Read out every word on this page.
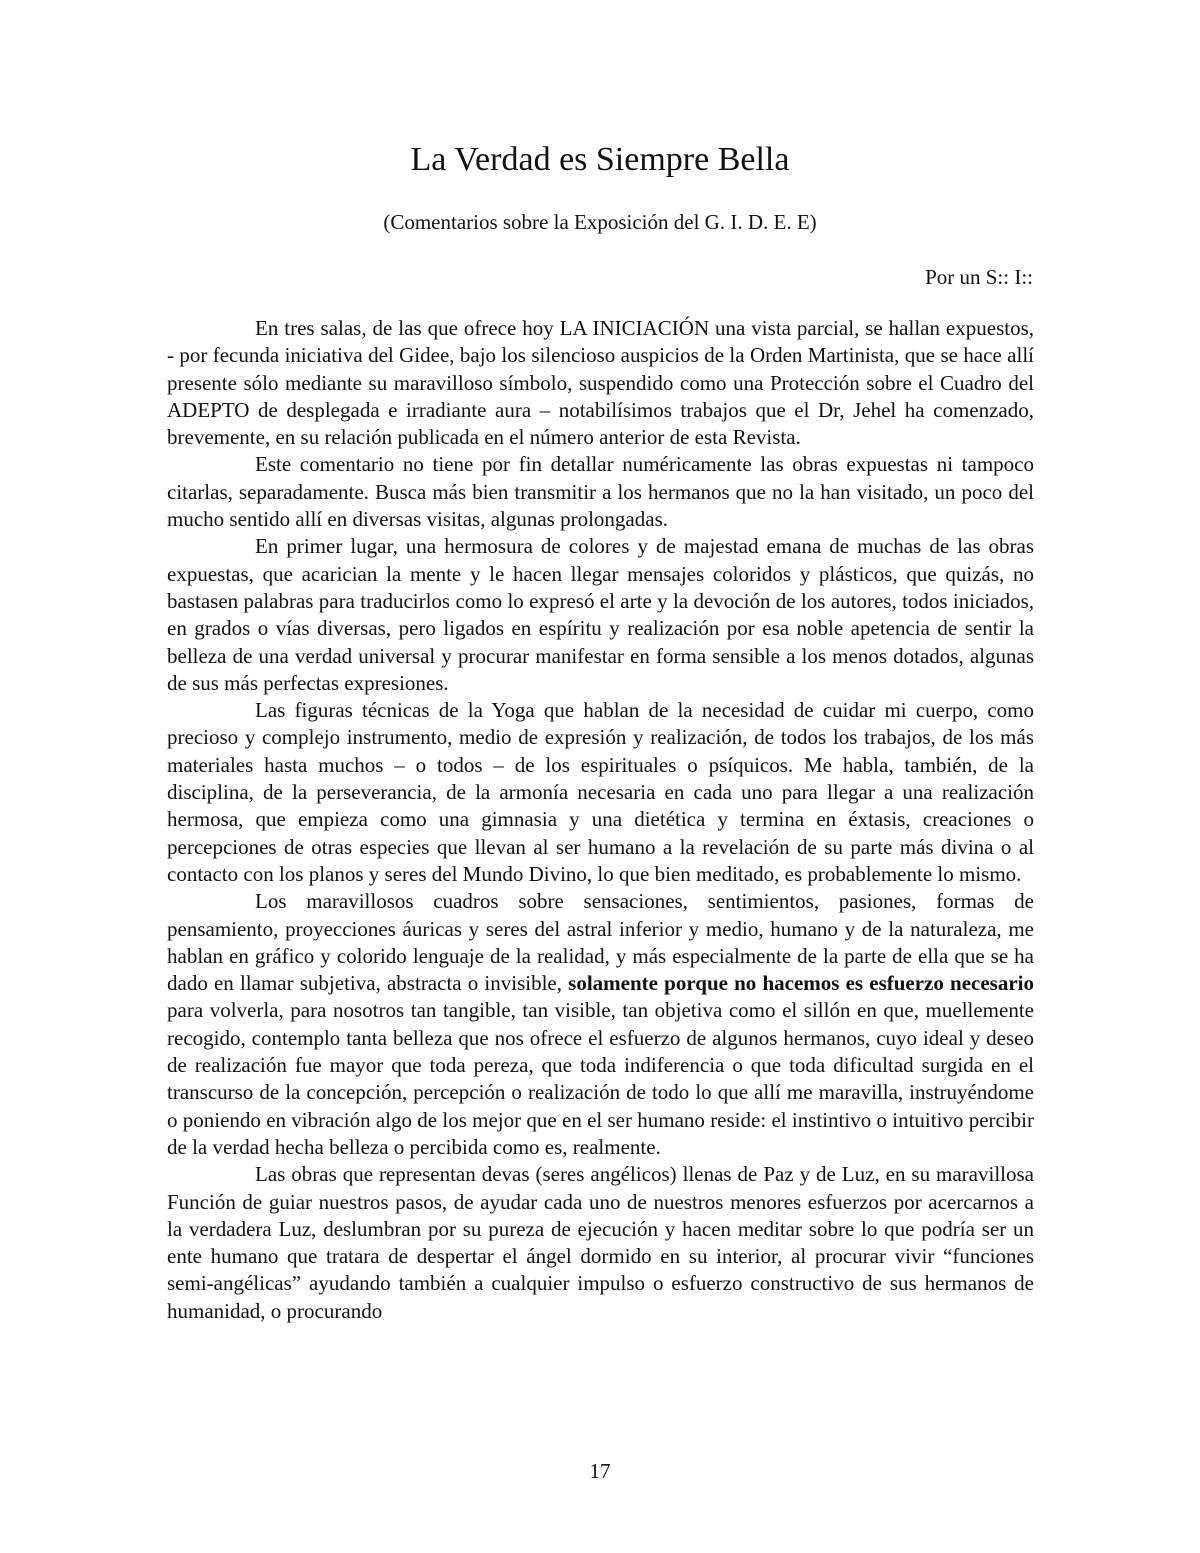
La Verdad es Siempre Bella

(Comentarios sobre la Exposición del G. I. D. E. E)

Por un S:: I::

En tres salas, de las que ofrece hoy LA INICIACIÓN una vista parcial, se hallan expuestos, - por fecunda iniciativa del Gidee, bajo los silencioso auspicios de la Orden Martinista, que se hace allí presente sólo mediante su maravilloso símbolo, suspendido como una Protección sobre el Cuadro del ADEPTO de desplegada e irradiante aura – notabilísimos trabajos que el Dr, Jehel ha comenzado, brevemente, en su relación publicada en el número anterior de esta Revista.

Este comentario no tiene por fin detallar numéricamente las obras expuestas ni tampoco citarlas, separadamente. Busca más bien transmitir a los hermanos que no la han visitado, un poco del mucho sentido allí en diversas visitas, algunas prolongadas.

En primer lugar, una hermosura de colores y de majestad emana de muchas de las obras expuestas, que acarician la mente y le hacen llegar mensajes coloridos y plásticos, que quizás, no bastasen palabras para traducirlos como lo expresó el arte y la devoción de los autores, todos iniciados, en grados o vías diversas, pero ligados en espíritu y realización por esa noble apetencia de sentir la belleza de una verdad universal y procurar manifestar en forma sensible a los menos dotados, algunas de sus más perfectas expresiones.

Las figuras técnicas de la Yoga que hablan de la necesidad de cuidar mi cuerpo, como precioso y complejo instrumento, medio de expresión y realización, de todos los trabajos, de los más materiales hasta muchos – o todos – de los espirituales o psíquicos. Me habla, también, de la disciplina, de la perseverancia, de la armonía necesaria en cada uno para llegar a una realización hermosa, que empieza como una gimnasia y una dietética y termina en éxtasis, creaciones o percepciones de otras especies que llevan al ser humano a la revelación de su parte más divina o al contacto con los planos y seres del Mundo Divino, lo que bien meditado, es probablemente lo mismo.

Los maravillosos cuadros sobre sensaciones, sentimientos, pasiones, formas de pensamiento, proyecciones áuricas y seres del astral inferior y medio, humano y de la naturaleza, me hablan en gráfico y colorido lenguaje de la realidad, y más especialmente de la parte de ella que se ha dado en llamar subjetiva, abstracta o invisible, solamente porque no hacemos es esfuerzo necesario para volverla, para nosotros tan tangible, tan visible, tan objetiva como el sillón en que, muellemente recogido, contemplo tanta belleza que nos ofrece el esfuerzo de algunos hermanos, cuyo ideal y deseo de realización fue mayor que toda pereza, que toda indiferencia o que toda dificultad surgida en el transcurso de la concepción, percepción o realización de todo lo que allí me maravilla, instruyéndome o poniendo en vibración algo de los mejor que en el ser humano reside: el instintivo o intuitivo percibir de la verdad hecha belleza o percibida como es, realmente.

Las obras que representan devas (seres angélicos) llenas de Paz y de Luz, en su maravillosa Función de guiar nuestros pasos, de ayudar cada uno de nuestros menores esfuerzos por acercarnos a la verdadera Luz, deslumbran por su pureza de ejecución y hacen meditar sobre lo que podría ser un ente humano que tratara de despertar el ángel dormido en su interior, al procurar vivir “funciones semi-angélicas” ayudando también a cualquier impulso o esfuerzo constructivo de sus hermanos de humanidad, o procurando

17
